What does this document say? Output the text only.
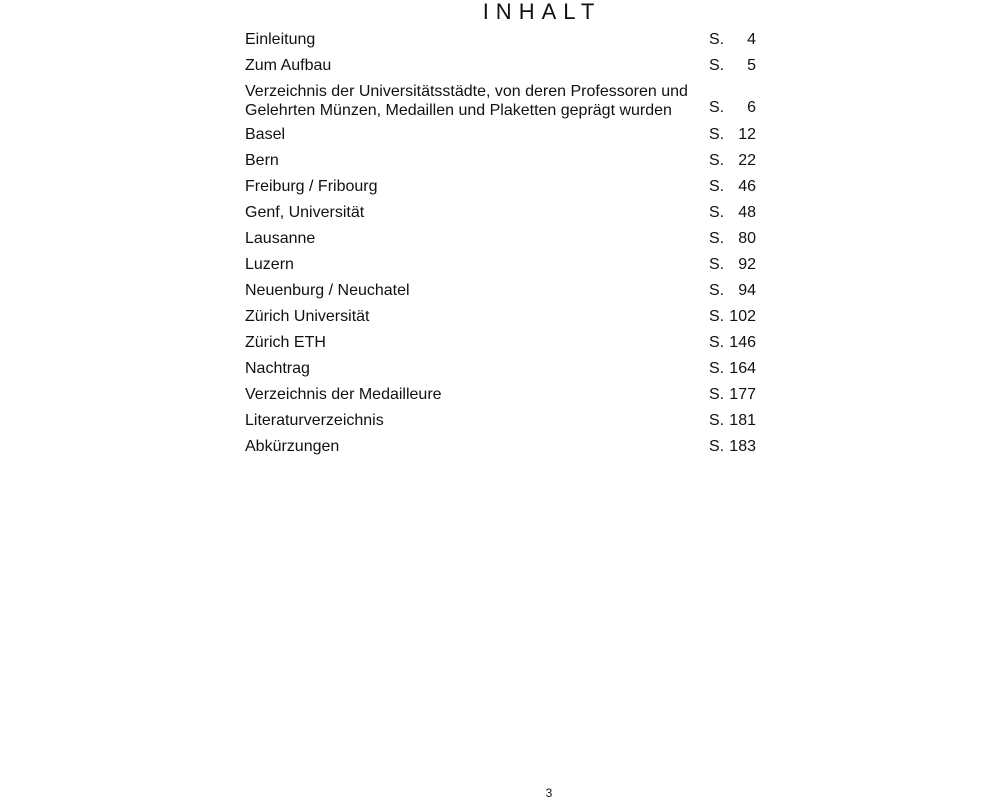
INHALT
Einleitung	S. 4
Zum Aufbau	S. 5
Verzeichnis der Universitätsstädte, von deren Professoren und
Gelehrten Münzen, Medaillen und Plaketten geprägt wurden	S. 6
Basel	S. 12
Bern	S. 22
Freiburg / Fribourg	S. 46
Genf, Universität	S. 48
Lausanne	S. 80
Luzern	S. 92
Neuenburg / Neuchatel	S. 94
Zürich Universität	S. 102
Zürich ETH	S. 146
Nachtrag	S. 164
Verzeichnis der Medailleure	S. 177
Literaturverzeichnis	S. 181
Abkürzungen	S. 183
3
